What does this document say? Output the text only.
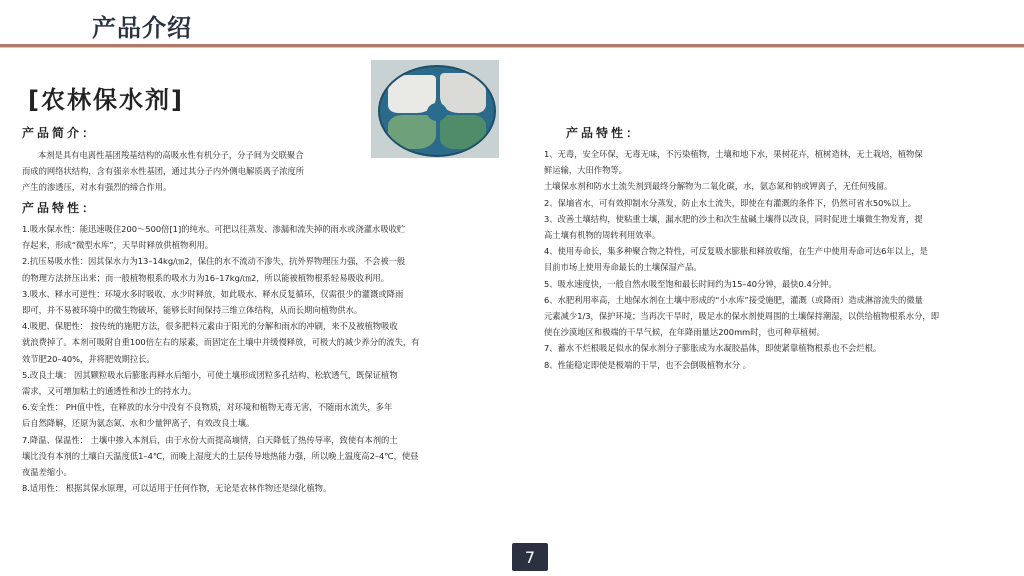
产品介绍
[农林保水剂]
产品简介：

本剂是具有电离性基团羧基结构的高吸水性有机分子，分子间为交联聚合

而成的网络状结构，含有强亲水性基团，通过其分子内外侧电解质离子浓度所

产生的渗透压，对水有强烈的缔合作用。

产品特性：

1.吸水保水性：能迅速吸住200～500倍[1]的纯水。可把以往蒸发、渗漏和流失掉的雨水或浇灌水吸收贮

存起来，形成“微型水库”，天旱时释放供植物利用。

2.抗压易吸水性：因其保水力为13–14kg/㎝2，保住的水不流动不渗失，抗外界物理压力强，不会被一般

的物理方法挤压出来；而一般植物根系的吸水力为16–17kg/㎝2，所以能被植物根系轻易吸收利用。

3.吸水、释水可逆性：环境水多时吸收、水少时释放，如此吸水、释水反复循环，仅需很少的灌溉或降雨

即可，并不易被环境中的微生物破坏，能够长时间保持三维立体结构，从而长期向植物供水。

4.吸肥、保肥性： 按传统的施肥方法，很多肥料元素由于阳光的分解和雨水的冲刷，来不及被植物吸收

就浪费掉了。本剂可吸附自重100倍左右的尿素，而固定在土壤中并缓慢释放，可极大的减少养分的流失，有

效节肥20–40%，并将肥效期拉长。

5.改良土壤： 因其颗粒吸水后膨胀再释水后缩小，可使土壤形成团粒多孔结构、松软透气，既保证植物

需求，又可增加粘土的通透性和沙土的持水力。

6.安全性： PH值中性，在释放的水分中没有不良物质，对环境和植物无毒无害，不随雨水流失，多年

后自然降解，还原为氨态氮、水和少量钾离子，有效改良土壤。

7.降温、保温性： 土壤中掺入本剂后，由于水份大而提高墒情，白天降低了热传导率，致使有本剂的土

壤比没有本剂的土壤白天温度低1–4℃，而晚上湿度大的土层传导地热能力强，所以晚上温度高2–4℃，使昼

夜温差缩小。

8.适用性： 根据其保水原理，可以适用于任何作物，无论是农林作物还是绿化植物。

产品特性：

1、无毒，安全环保，无毒无味，不污染植物，土壤和地下水，果树花卉，植树造林，无土栽培，植物保

鲜运输，大田作物等。

土壤保水剂和防水土流失剂到最终分解物为二氧化碳，水，氨态氮和钠或钾离子，无任何残留。

2、保墒省水，可有效抑制水分蒸发，防止水土流失，即使在有灌溉的条件下，仍然可省水50%以上。

3、改善土壤结构，使粘重土壤，漏水肥的沙土和次生盐碱土壤得以改良，同时促进土壤微生物发育，提

高土壤有机物的周转利用效率。

4、使用寿命长，集多种聚合物之特性，可反复吸水膨胀和释放收缩，在生产中使用寿命可达6年以上，是

目前市场上使用寿命最长的土壤保湿产品。

5、吸水速度快，一般自然水吸至饱和最长时间约为15–40分钟，最快0.4分钟。

6、水肥利用率高，土地保水剂在土壤中形成的“小水库”接受施肥，灌溉（或降雨）造成淋溶流失的微量

元素减少1/3，保护环境；当再次干旱时，吸足水的保水剂使周围的土壤保持潮湿，以供给植物根系水分，即

使在沙漠地区和极端的干旱气候，在年降雨量达200mm时，也可种草植树。

7、蓄水不烂根吸足似水的保水剂分子膨胀成为水凝胶晶体，即使紧靠植物根系也不会烂根。

8、性能稳定即使是极端的干旱，也不会倒吸植物水分 。

7
